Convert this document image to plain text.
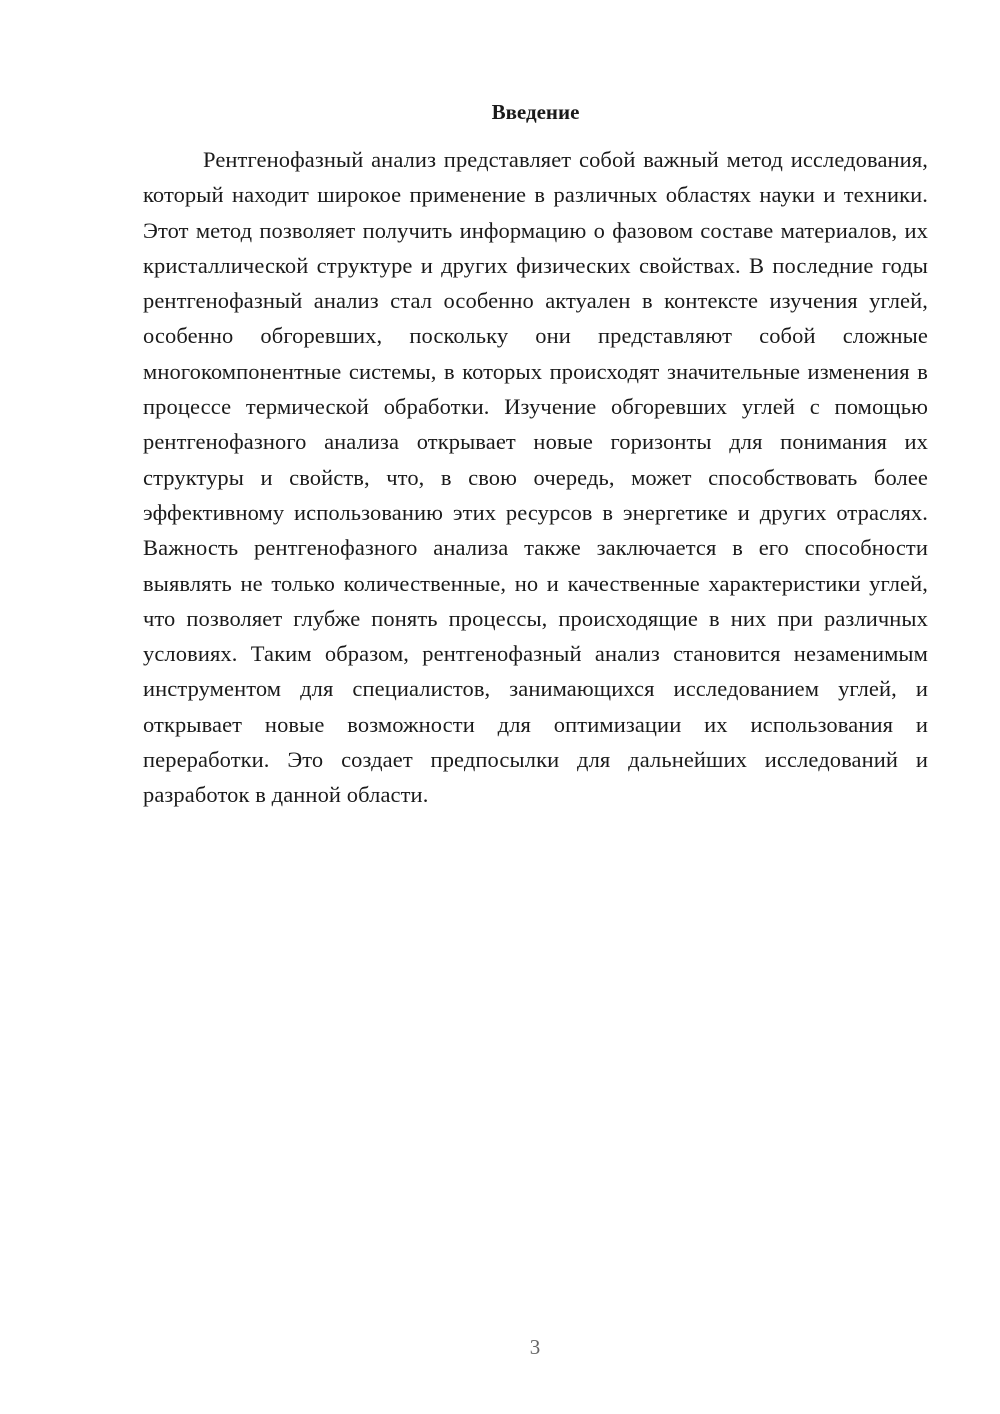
Введение

Рентгенофазный анализ представляет собой важный метод исследования, который находит широкое применение в различных областях науки и техники. Этот метод позволяет получить информацию о фазовом составе материалов, их кристаллической структуре и других физических свойствах. В последние годы рентгенофазный анализ стал особенно актуален в контексте изучения углей, особенно обгоревших, поскольку они представляют собой сложные многокомпонентные системы, в которых происходят значительные изменения в процессе термической обработки. Изучение обгоревших углей с помощью рентгенофазного анализа открывает новые горизонты для понимания их структуры и свойств, что, в свою очередь, может способствовать более эффективному использованию этих ресурсов в энергетике и других отраслях. Важность рентгенофазного анализа также заключается в его способности выявлять не только количественные, но и качественные характеристики углей, что позволяет глубже понять процессы, происходящие в них при различных условиях. Таким образом, рентгенофазный анализ становится незаменимым инструментом для специалистов, занимающихся исследованием углей, и открывает новые возможности для оптимизации их использования и переработки. Это создает предпосылки для дальнейших исследований и разработок в данной области.

3
